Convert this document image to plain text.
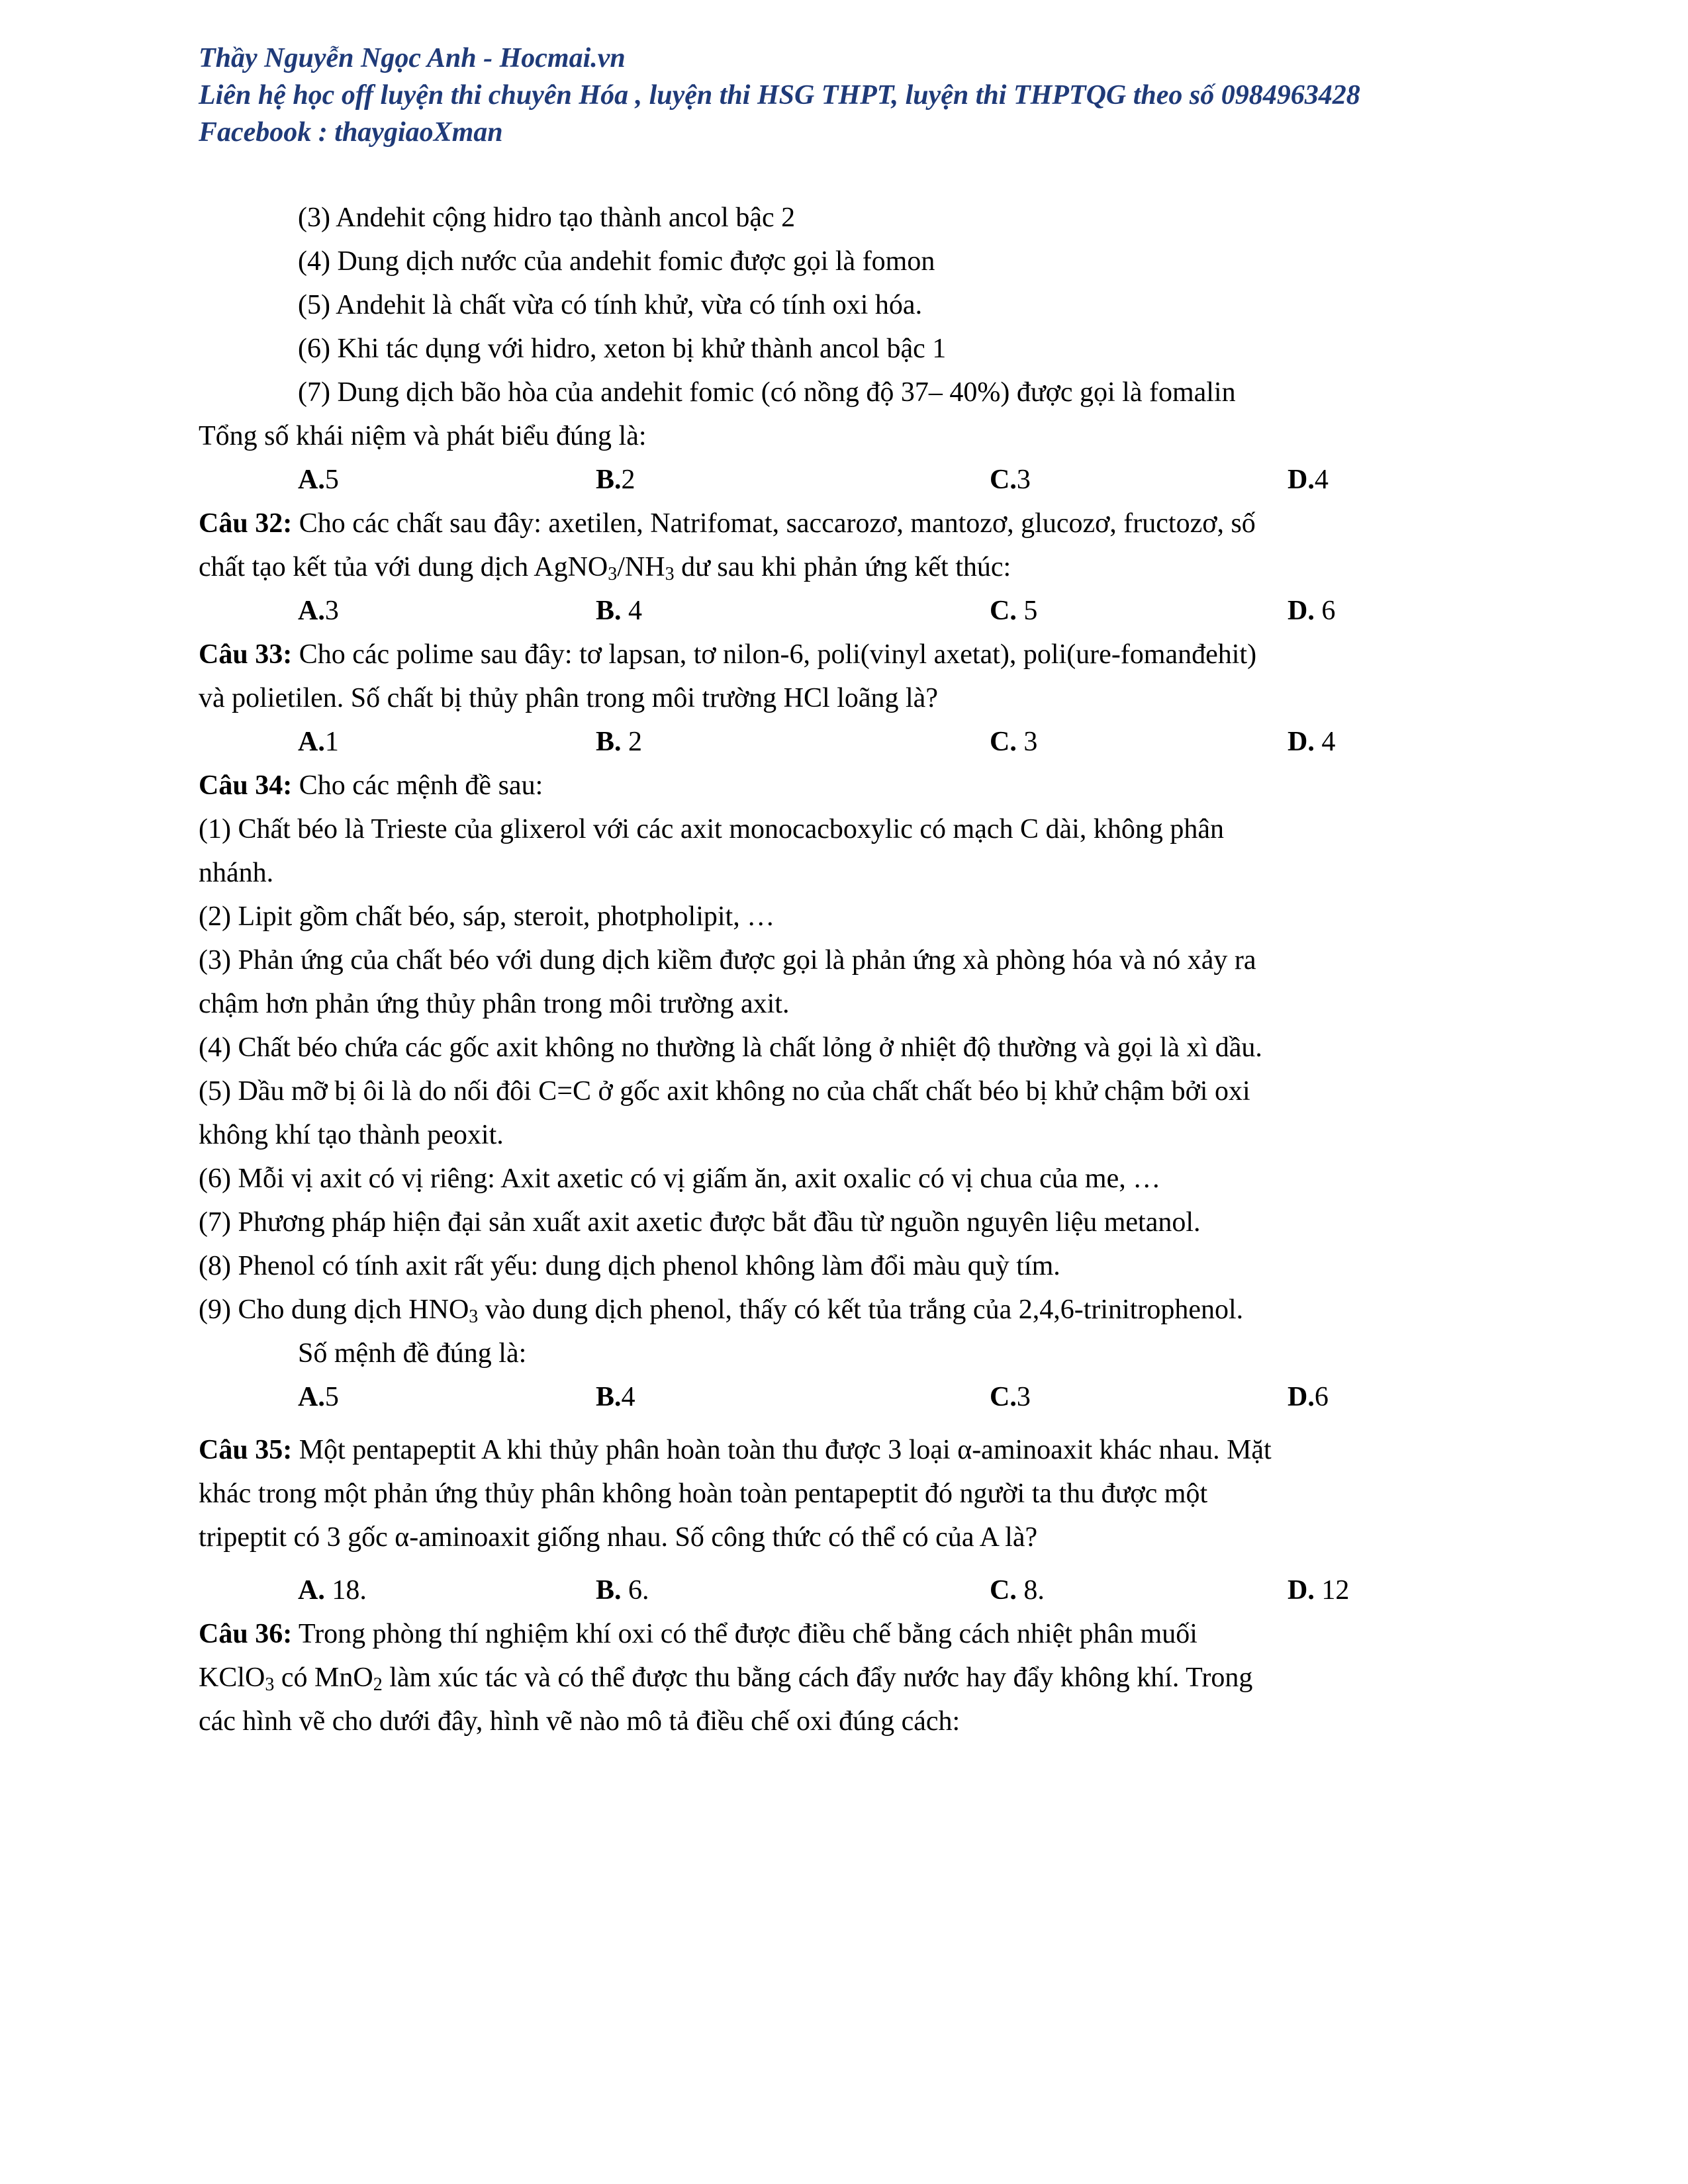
Thầy Nguyễn Ngọc Anh - Hocmai.vn
Liên hệ học off luyện thi chuyên Hóa , luyện thi HSG THPT, luyện thi THPTQG theo số 0984963428
Facebook : thaygiaoXman
(3) Andehit cộng hidro tạo thành ancol bậc 2
(4) Dung dịch nước của andehit fomic được gọi là fomon
(5) Andehit là chất vừa có tính khử, vừa có tính oxi hóa.
(6) Khi tác dụng với hidro, xeton bị khử thành ancol bậc 1
(7) Dung dịch bão hòa của andehit fomic (có nồng độ 37– 40%) được gọi là fomalin
Tổng số khái niệm và phát biểu đúng là:
A.5	B.2	C.3	D.4
Câu 32: Cho các chất sau đây: axetilen, Natrifomat, saccarozơ, mantozơ, glucozơ, fructozơ, số
chất tạo kết tủa với dung dịch $AgNO_3/NH_3$ dư sau khi phản ứng kết thúc:
A.3	B. 4	C. 5	D. 6
Câu 33: Cho các polime sau đây: tơ lapsan, tơ nilon-6, poli(vinyl axetat), poli(ure-fomanđehit)
và polietilen. Số chất bị thủy phân trong môi trường HCl loãng là?
A.1	B. 2	C. 3	D. 4
Câu 34: Cho các mệnh đề sau:
(1) Chất béo là Trieste của glixerol với các axit monocacboxylic có mạch C dài, không phân
nhánh.
(2) Lipit gồm chất béo, sáp, steroit, photpholipit, …
(3) Phản ứng của chất béo với dung dịch kiềm được gọi là phản ứng xà phòng hóa và nó xảy ra
chậm hơn phản ứng thủy phân trong môi trường axit.
(4) Chất béo chứa các gốc axit không no thường là chất lỏng ở nhiệt độ thường và gọi là xì dầu.
(5) Dầu mỡ bị ôi là do nối đôi C=C ở gốc axit không no của chất chất béo bị khử chậm bởi oxi
không khí tạo thành peoxit.
(6) Mỗi vị axit có vị riêng: Axit axetic có vị giấm ăn, axit oxalic có vị chua của me, …
(7) Phương pháp hiện đại sản xuất axit axetic được bắt đầu từ nguồn nguyên liệu metanol.
(8) Phenol có tính axit rất yếu: dung dịch phenol không làm đổi màu quỳ tím.
(9) Cho dung dịch $HNO_3$ vào dung dịch phenol, thấy có kết tủa trắng của 2,4,6-trinitrophenol.
Số mệnh đề đúng là:
A.5	B.4	C.3	D.6
Câu 35: Một pentapeptit A khi thủy phân hoàn toàn thu được 3 loại α-aminoaxit khác nhau. Mặt
khác trong một phản ứng thủy phân không hoàn toàn pentapeptit đó người ta thu được một
tripeptit có 3 gốc α-aminoaxit giống nhau. Số công thức có thể có của A là?
A. 18.	B. 6.	C. 8.	D. 12
Câu 36: Trong phòng thí nghiệm khí oxi có thể được điều chế bằng cách nhiệt phân muối
KClO$_3$ có MnO$_2$ làm xúc tác và có thể được thu bằng cách đẩy nước hay đẩy không khí. Trong
các hình vẽ cho dưới đây, hình vẽ nào mô tả điều chế oxi đúng cách:
